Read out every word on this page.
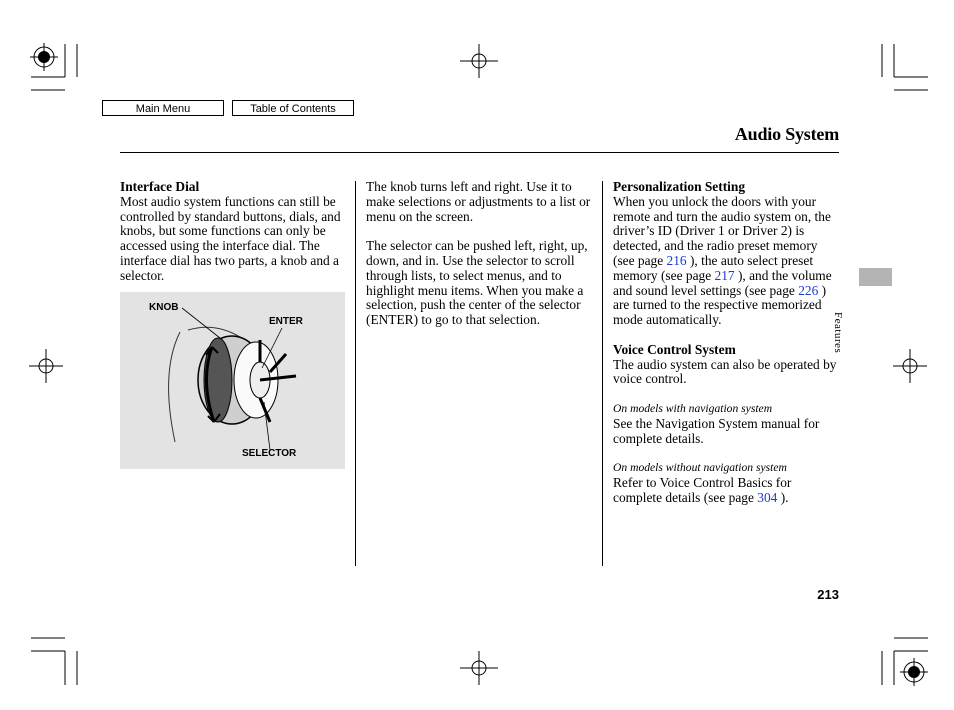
Main Menu	Table of Contents
Audio System
Features
Interface Dial
Most audio system functions can still be controlled by standard buttons, dials, and knobs, but some functions can only be accessed using the interface dial. The interface dial has two parts, a knob and a selector.
KNOB
ENTER
SELECTOR

The knob turns left and right. Use it to make selections or adjustments to a list or menu on the screen.

The selector can be pushed left, right, up, down, and in. Use the selector to scroll through lists, to select menus, and to highlight menu items. When you make a selection, push the center of the selector (ENTER) to go to that selection.

Personalization Setting

When you unlock the doors with your remote and turn the audio system on, the driver’s ID (Driver 1 or Driver 2) is detected, and the radio preset memory (see page 216 ), the auto select preset memory (see page 217 ), and the volume and sound level settings (see page 226 ) are turned to the respective memorized mode automatically.

Voice Control System

The audio system can also be operated by voice control.

On models with navigation system

See the Navigation System manual for complete details.

On models without navigation system

Refer to Voice Control Basics for complete details (see page 304 ).

213
